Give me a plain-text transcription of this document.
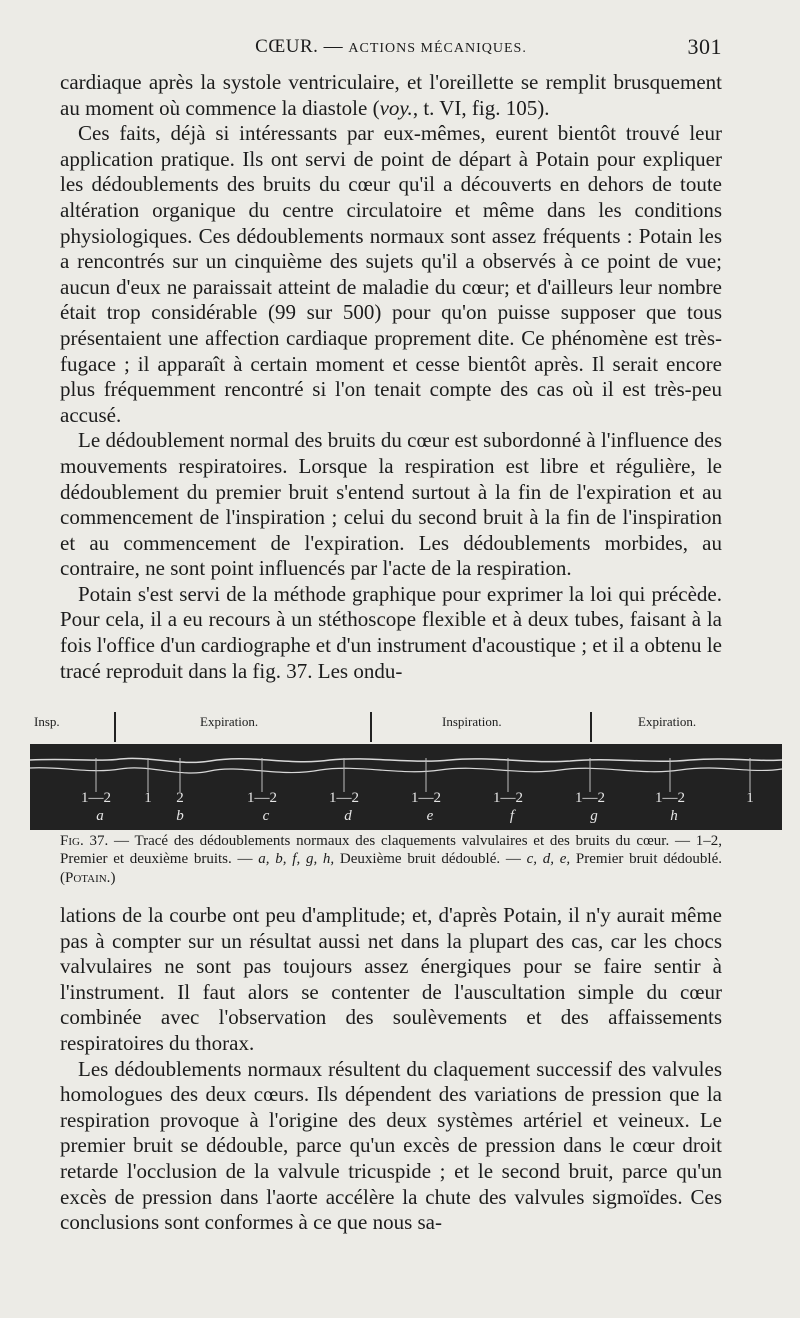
CŒUR. — ACTIONS MÉCANIQUES.	301

cardiaque après la systole ventriculaire, et l'oreillette se remplit brusquement au moment où commence la diastole (voy., t. VI, fig. 105).

Ces faits, déjà si intéressants par eux-mêmes, eurent bientôt trouvé leur application pratique. Ils ont servi de point de départ à Potain pour expliquer les dédoublements des bruits du cœur qu'il a découverts en dehors de toute altération organique du centre circulatoire et même dans les conditions physiologiques. Ces dédoublements normaux sont assez fréquents : Potain les a rencontrés sur un cinquième des sujets qu'il a observés à ce point de vue; aucun d'eux ne paraissait atteint de maladie du cœur; et d'ailleurs leur nombre était trop considérable (99 sur 500) pour qu'on puisse supposer que tous présentaient une affection cardiaque proprement dite. Ce phénomène est très-fugace ; il apparaît à certain moment et cesse bientôt après. Il serait encore plus fréquemment rencontré si l'on tenait compte des cas où il est très-peu accusé.

Le dédoublement normal des bruits du cœur est subordonné à l'influence des mouvements respiratoires. Lorsque la respiration est libre et régulière, le dédoublement du premier bruit s'entend surtout à la fin de l'expiration et au commencement de l'inspiration ; celui du second bruit à la fin de l'inspiration et au commencement de l'expiration. Les dédoublements morbides, au contraire, ne sont point influencés par l'acte de la respiration.

Potain s'est servi de la méthode graphique pour exprimer la loi qui précède. Pour cela, il a eu recours à un stéthoscope flexible et à deux tubes, faisant à la fois l'office d'un cardiographe et d'un instrument d'acoustique ; et il a obtenu le tracé reproduit dans la fig. 37. Les ondu-

Insp.	Expiration.	Inspiration.	Expiration.
1—2
a
1 2
b
1—2
c
1—2
d
1—2
e
1—2
f
1—2
g
1—2
h
1
Fig. 37. — Tracé des dédoublements normaux des claquements valvulaires et des bruits du cœur. — 1–2, Premier et deuxième bruits. — a, b, f, g, h, Deuxième bruit dédoublé. — c, d, e, Premier bruit dédoublé. (Potain.)

lations de la courbe ont peu d'amplitude; et, d'après Potain, il n'y aurait même pas à compter sur un résultat aussi net dans la plupart des cas, car les chocs valvulaires ne sont pas toujours assez énergiques pour se faire sentir à l'instrument. Il faut alors se contenter de l'auscultation simple du cœur combinée avec l'observation des soulèvements et des affaissements respiratoires du thorax.

Les dédoublements normaux résultent du claquement successif des valvules homologues des deux cœurs. Ils dépendent des variations de pression que la respiration provoque à l'origine des deux systèmes artériel et veineux. Le premier bruit se dédouble, parce qu'un excès de pression dans le cœur droit retarde l'occlusion de la valvule tricuspide ; et le second bruit, parce qu'un excès de pression dans l'aorte accélère la chute des valvules sigmoïdes. Ces conclusions sont conformes à ce que nous sa-
